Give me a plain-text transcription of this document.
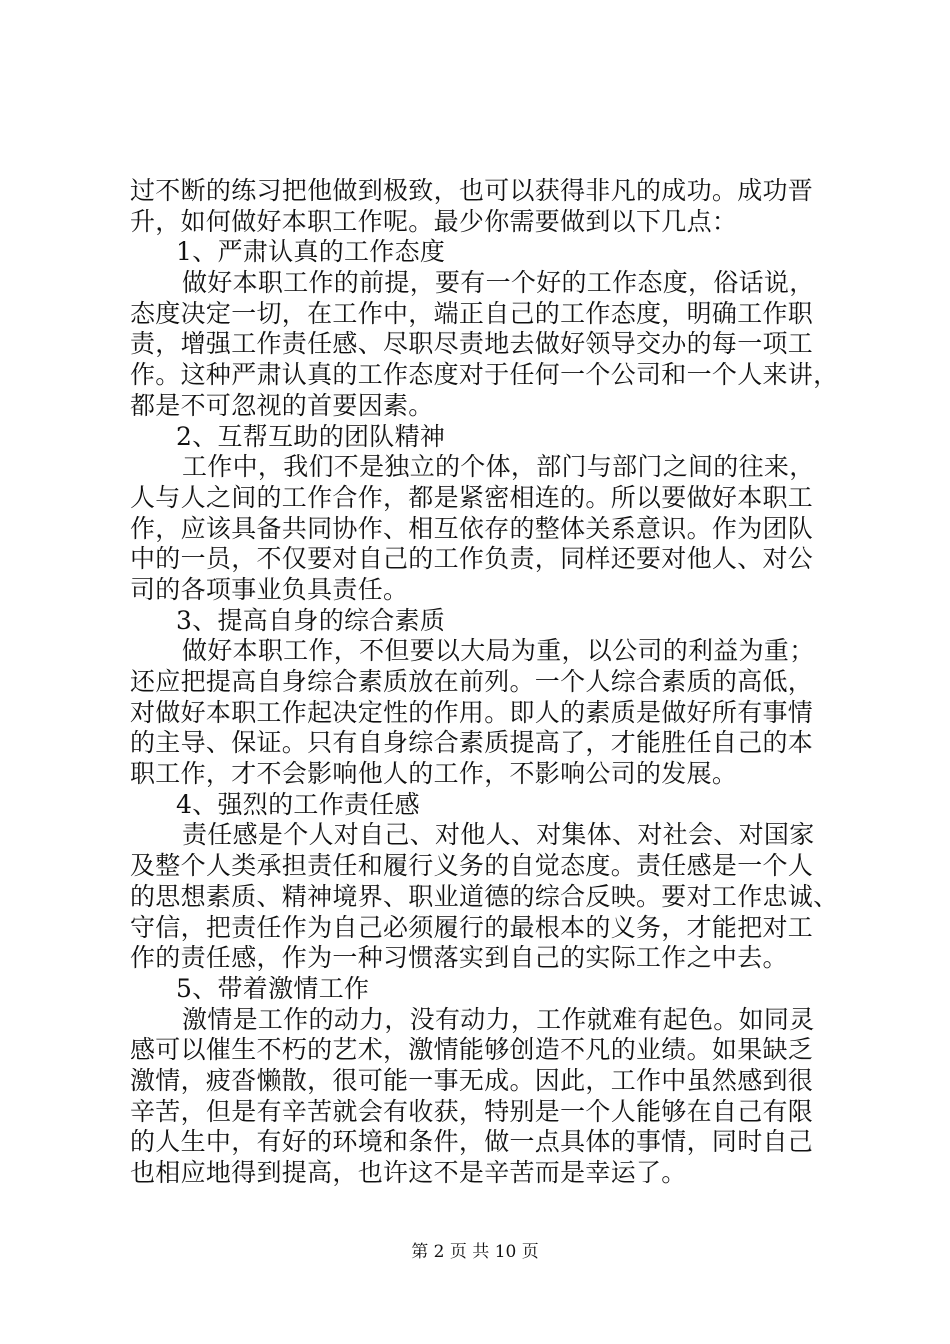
过不断的练习把他做到极致，也可以获得非凡的成功。成功晋
升，如何做好本职工作呢。最少你需要做到以下几点：
1、严肃认真的工作态度
做好本职工作的前提，要有一个好的工作态度，俗话说，
态度决定一切，在工作中，端正自己的工作态度，明确工作职
责，增强工作责任感、尽职尽责地去做好领导交办的每一项工
作。这种严肃认真的工作态度对于任何一个公司和一个人来讲，
都是不可忽视的首要因素。
2、互帮互助的团队精神
工作中，我们不是独立的个体，部门与部门之间的往来，
人与人之间的工作合作，都是紧密相连的。所以要做好本职工
作，应该具备共同协作、相互依存的整体关系意识。作为团队
中的一员，不仅要对自己的工作负责，同样还要对他人、对公
司的各项事业负具责任。
3、提高自身的综合素质
做好本职工作，不但要以大局为重，以公司的利益为重；
还应把提高自身综合素质放在前列。一个人综合素质的高低，
对做好本职工作起决定性的作用。即人的素质是做好所有事情
的主导、保证。只有自身综合素质提高了，才能胜任自己的本
职工作，才不会影响他人的工作，不影响公司的发展。
4、强烈的工作责任感
责任感是个人对自己、对他人、对集体、对社会、对国家
及整个人类承担责任和履行义务的自觉态度。责任感是一个人
的思想素质、精神境界、职业道德的综合反映。要对工作忠诚、
守信，把责任作为自己必须履行的最根本的义务，才能把对工
作的责任感，作为一种习惯落实到自己的实际工作之中去。
5、带着激情工作
激情是工作的动力，没有动力，工作就难有起色。如同灵
感可以催生不朽的艺术，激情能够创造不凡的业绩。如果缺乏
激情，疲沓懒散，很可能一事无成。因此，工作中虽然感到很
辛苦，但是有辛苦就会有收获，特别是一个人能够在自己有限
的人生中，有好的环境和条件，做一点具体的事情，同时自己
也相应地得到提高，也许这不是辛苦而是幸运了。
第 2 页 共 10 页
